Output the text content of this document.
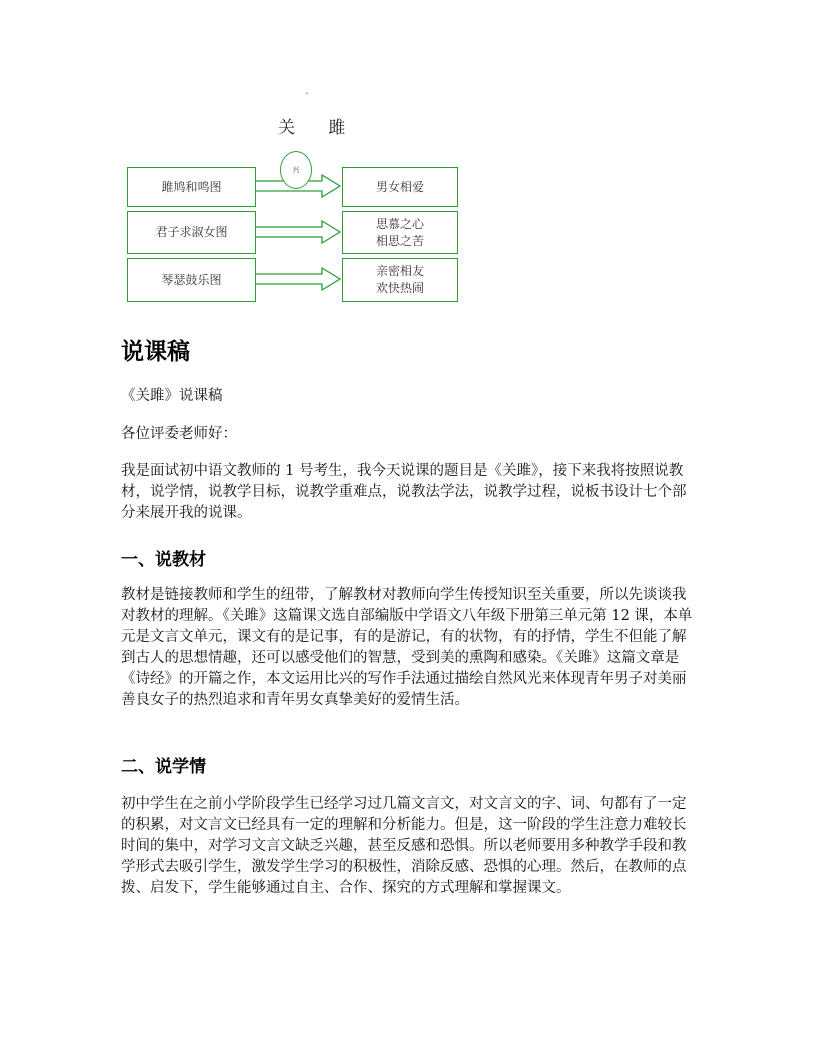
”
关 雎
兴
雎鸠和鸣图	男女相爱
君子求淑女图
思慕之心
相思之苦
琴瑟鼓乐图
亲密相友
欢快热闹
说课稿

《关雎》说课稿

各位评委老师好：

我是面试初中语文教师的 1 号考生，我今天说课的题目是《关雎》，接下来我将按照说教材，说学情，说教学目标，说教学重难点，说教法学法，说教学过程，说板书设计七个部分来展开我的说课。

一、说教材

教材是链接教师和学生的纽带，了解教材对教师向学生传授知识至关重要，所以先谈谈我对教材的理解。《关雎》这篇课文选自部编版中学语文八年级下册第三单元第 12 课，本单元是文言文单元，课文有的是记事，有的是游记，有的状物，有的抒情，学生不但能了解到古人的思想情趣，还可以感受他们的智慧，受到美的熏陶和感染。《关雎》这篇文章是《诗经》的开篇之作，本文运用比兴的写作手法通过描绘自然风光来体现青年男子对美丽善良女子的热烈追求和青年男女真挚美好的爱情生活。

二、说学情

初中学生在之前小学阶段学生已经学习过几篇文言文，对文言文的字、词、句都有了一定的积累，对文言文已经具有一定的理解和分析能力。但是，这一阶段的学生注意力难较长时间的集中，对学习文言文缺乏兴趣，甚至反感和恐惧。所以老师要用多种教学手段和教学形式去吸引学生，激发学生学习的积极性，消除反感、恐惧的心理。然后，在教师的点拨、启发下，学生能够通过自主、合作、探究的方式理解和掌握课文。
